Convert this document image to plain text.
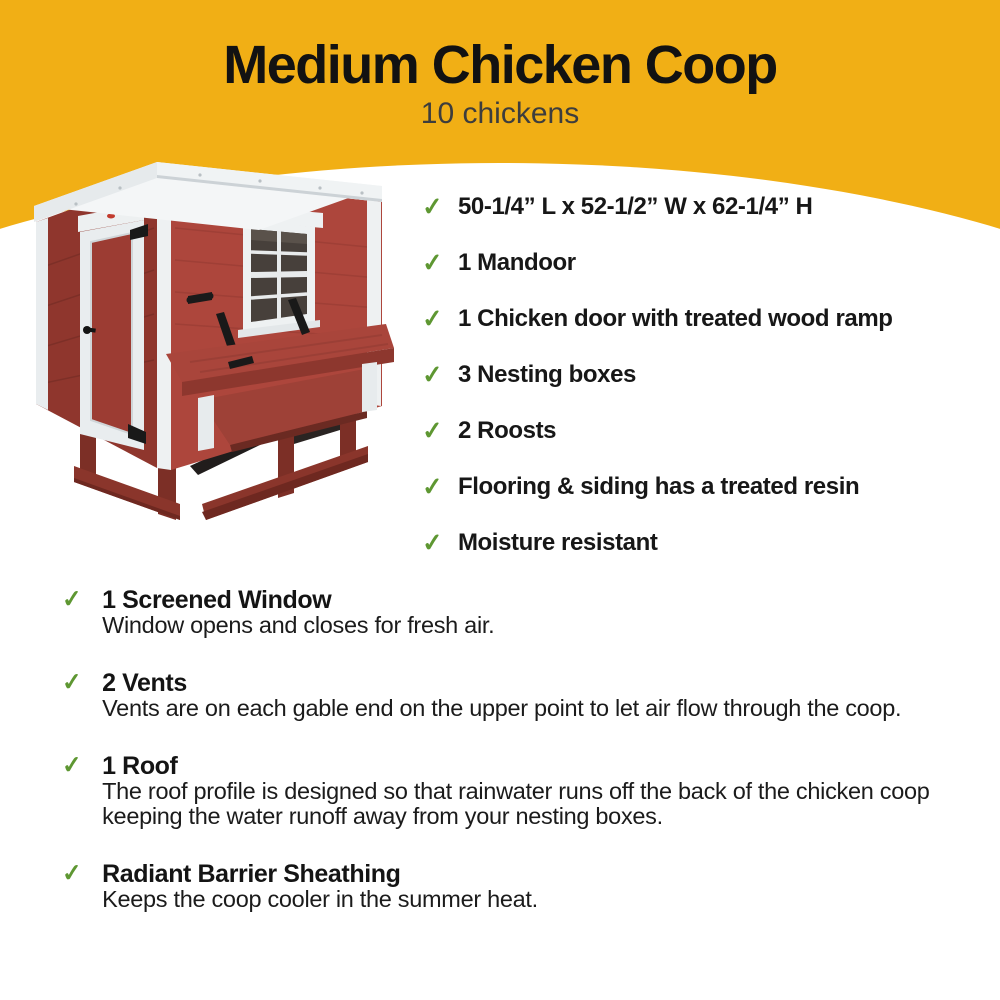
Medium Chicken Coop
10 chickens
✓ 50-1/4” L x 52-1/2” W x 62-1/4” H
✓ 1 Mandoor
✓ 1 Chicken door with treated wood ramp
✓ 3 Nesting boxes
✓ 2 Roosts
✓ Flooring & siding has a treated resin
✓ Moisture resistant
✓ 1 Screened Window

Window opens and closes for fresh air.

✓ 2 Vents

Vents are on each gable end on the upper point to let air flow through the coop.

✓ 1 Roof

The roof profile is designed so that rainwater runs off the back of the chicken coop keeping the water runoff away from your nesting boxes.

✓ Radiant Barrier Sheathing

Keeps the coop cooler in the summer heat.
